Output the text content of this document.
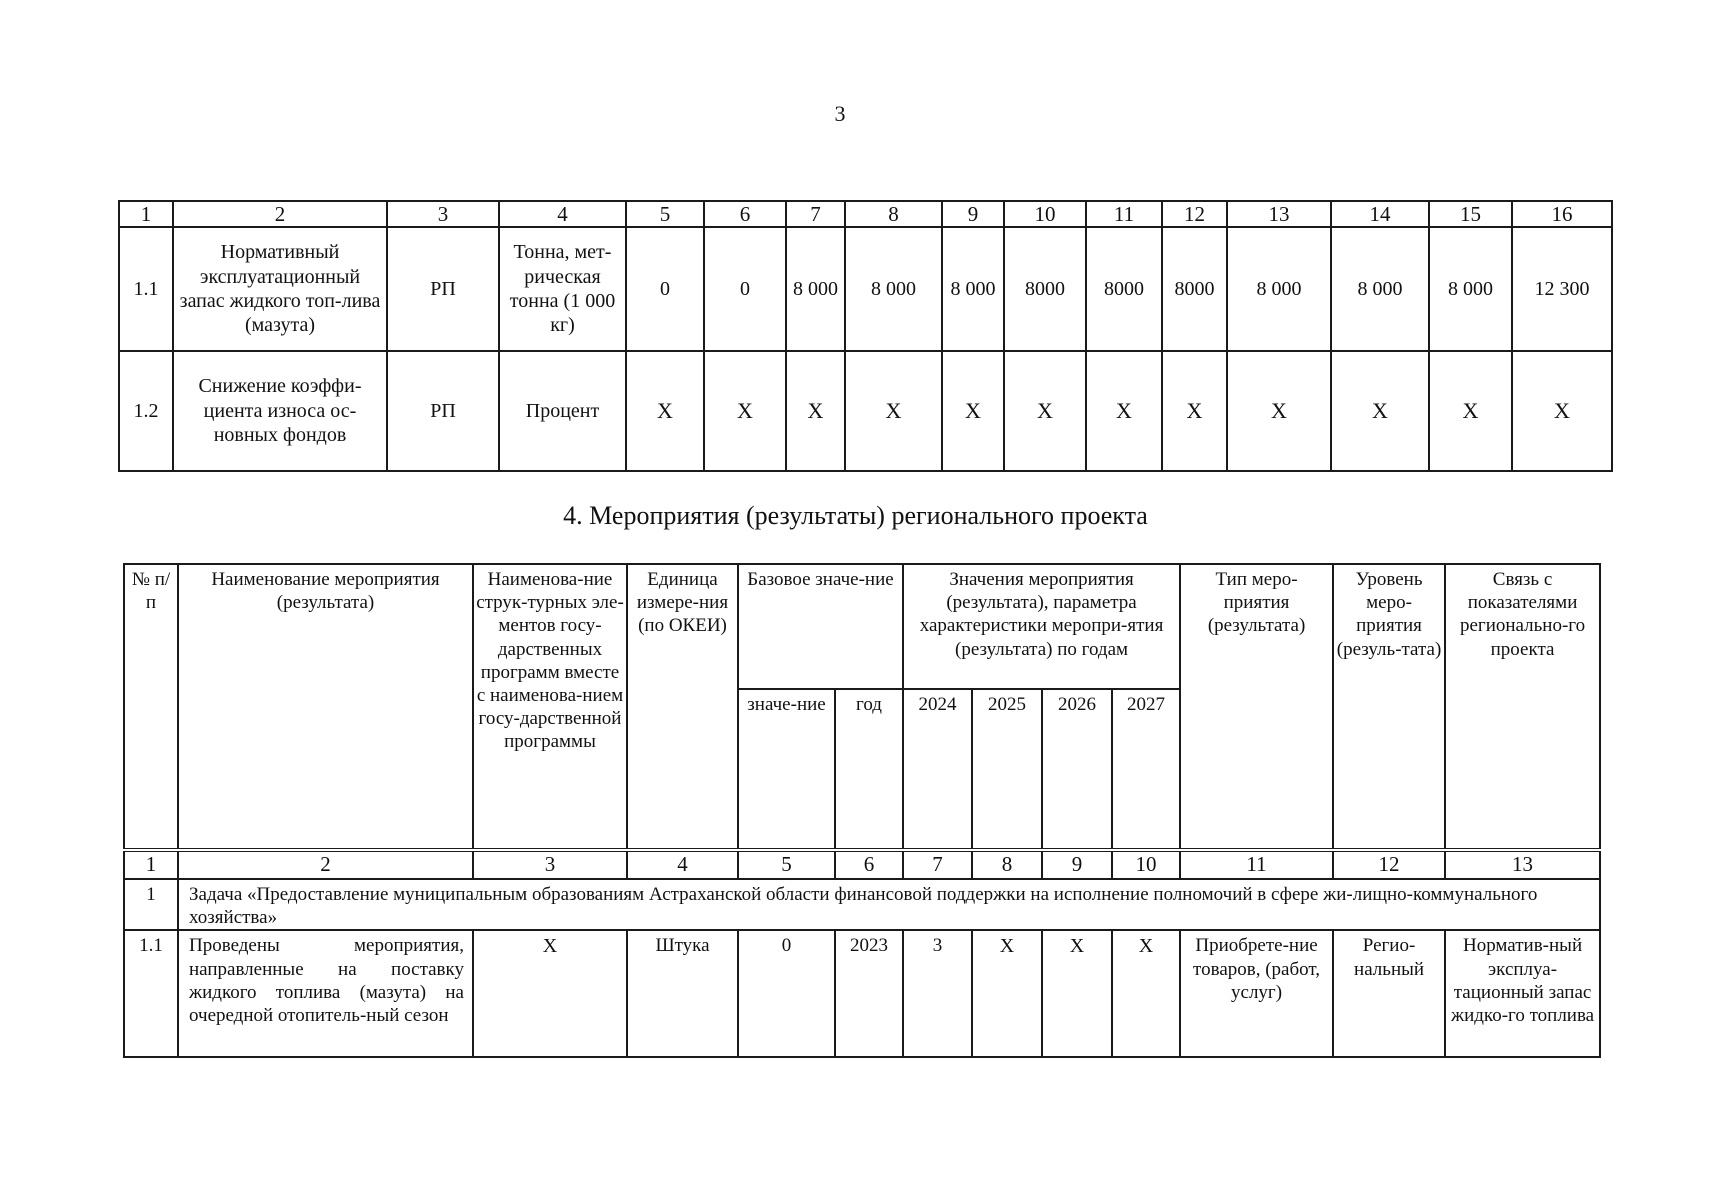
3
1	2	3	4	5	6	7	8	9	10	11	12	13	14	15	16
1.1	Нормативный эксплуатационный запас жидкого топ-лива (мазута)	РП	Тонна, мет-рическая тонна (1 000 кг)	0	0	8 000	8 000	8 000	8000	8000	8000	8 000	8 000	8 000	12 300
1.2	Снижение коэффи-циента износа ос-новных фондов	РП	Процент	X	X	X	X	X	X	X	X	X	X	X	X
4. Мероприятия (результаты) регионального проекта
№ п/п	Наименование мероприятия (результата)	Наименова-ние струк-турных эле-ментов госу-дарственных программ вместе с наименова-нием госу-дарственной программы	Единица измере-ния (по ОКЕИ)	Базовое значе-ние		Значения мероприятия (результата), параметра характеристики меропри-ятия (результата) по годам				Тип меро-приятия (результата)	Уровень меро-приятия (резуль-тата)	Связь с показателями регионально-го проекта
				значе-ние	год	2024	2025	2026	2027			
1	2	3	4	5	6	7	8	9	10	11	12	13
1	Задача «Предоставление муниципальным образованиям Астраханской области финансовой поддержки на исполнение полномочий в сфере жи-лищно-коммунального хозяйства»											
1.1	Проведены мероприятия, направленные на поставку жидкого топлива (мазута) на очередной отопитель-ный сезон	X	Штука	0	2023	3	X	X	X	Приобрете-ние товаров, (работ, услуг)	Регио-нальный	Норматив-ный эксплуа-тационный запас жидко-го топлива
